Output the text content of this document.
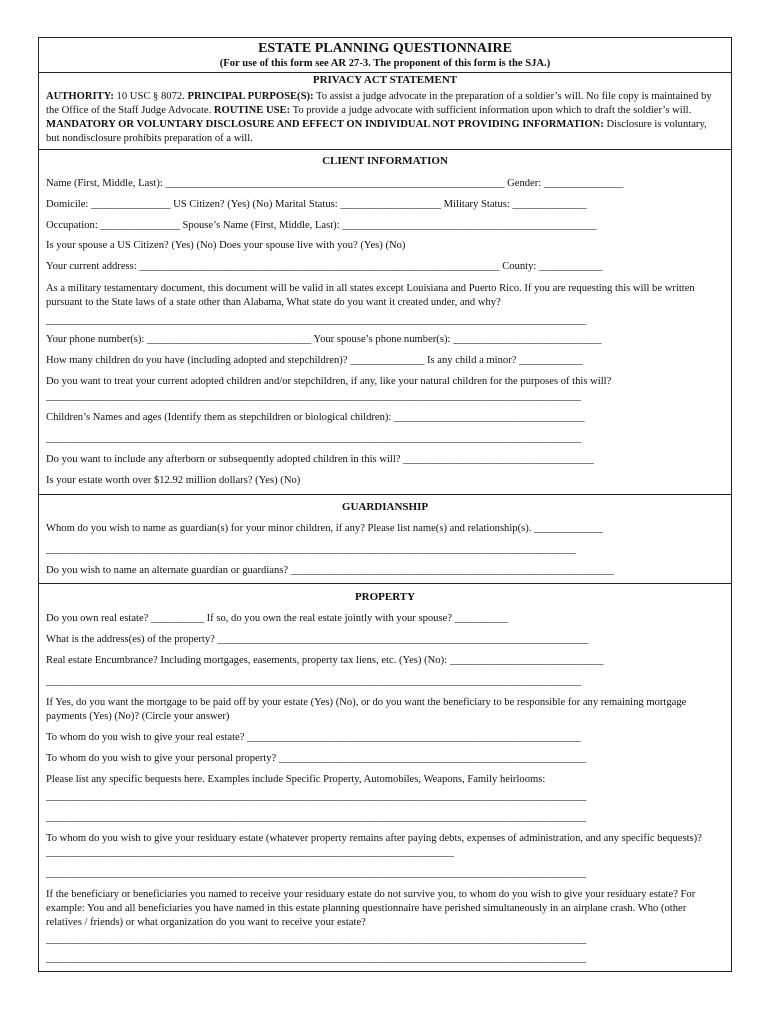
ESTATE PLANNING QUESTIONNAIRE
(For use of this form see AR 27-3. The proponent of this form is the SJA.)
PRIVACY ACT STATEMENT
AUTHORITY: 10 USC § 8072. PRINCIPAL PURPOSE(S): To assist a judge advocate in the preparation of a soldier’s will. No file copy is maintained by the Office of the Staff Judge Advocate. ROUTINE USE: To provide a judge advocate with sufficient information upon which to draft the soldier’s will. MANDATORY OR VOLUNTARY DISCLOSURE AND EFFECT ON INDIVIDUAL NOT PROVIDING INFORMATION: Disclosure is voluntary, but nondisclosure prohibits preparation of a will.
CLIENT INFORMATION
Name (First, Middle, Last): ________________________________________________________________ Gender: _______________
Domicile: _______________ US Citizen? (Yes) (No) Marital Status: ___________________ Military Status: ______________
Occupation: _______________ Spouse’s Name (First, Middle, Last): ________________________________________________
Is your spouse a US Citizen? (Yes) (No) Does your spouse live with you? (Yes) (No)
Your current address: ____________________________________________________________________ County: ____________
As a military testamentary document, this document will be valid in all states except Louisiana and Puerto Rico. If you are requesting this will be written pursuant to the State laws of a state other than Alabama, What state do you want it created under, and why?
______________________________________________________________________________________________________
Your phone number(s): _______________________________ Your spouse’s phone number(s): ____________________________
How many children do you have (including adopted and stepchildren)? ______________ Is any child a minor? ____________
Do you want to treat your current adopted children and/or stepchildren, if any, like your natural children for the purposes of this will?
_____________________________________________________________________________________________________
Children’s Names and ages (Identify them as stepchildren or biological children): ____________________________________
_____________________________________________________________________________________________________
Do you want to include any afterborn or subsequently adopted children in this will? ____________________________________
Is your estate worth over $12.92 million dollars? (Yes) (No)
GUARDIANSHIP
Whom do you wish to name as guardian(s) for your minor children, if any? Please list name(s) and relationship(s). _____________
____________________________________________________________________________________________________
Do you wish to name an alternate guardian or guardians? _____________________________________________________________
PROPERTY
Do you own real estate? __________ If so, do you own the real estate jointly with your spouse? __________
What is the address(es) of the property? ______________________________________________________________________
Real estate Encumbrance? Including mortgages, easements, property tax liens, etc. (Yes) (No): _____________________________
_____________________________________________________________________________________________________
If Yes, do you want the mortgage to be paid off by your estate (Yes) (No), or do you want the beneficiary to be responsible for any remaining mortgage payments (Yes) (No)? (Circle your answer)
To whom do you wish to give your real estate? _______________________________________________________________
To whom do you wish to give your personal property? __________________________________________________________
Please list any specific bequests here. Examples include Specific Property, Automobiles, Weapons, Family heirlooms:
______________________________________________________________________________________________________
______________________________________________________________________________________________________
To whom do you wish to give your residuary estate (whatever property remains after paying debts, expenses of administration, and any specific bequests)? _____________________________________________________________________________
______________________________________________________________________________________________________
If the beneficiary or beneficiaries you named to receive your residuary estate do not survive you, to whom do you wish to give your residuary estate? For example: You and all beneficiaries you have named in this estate planning questionnaire have perished simultaneously in an airplane crash. Who (other relatives / friends) or what organization do you want to receive your estate?
______________________________________________________________________________________________________
______________________________________________________________________________________________________
